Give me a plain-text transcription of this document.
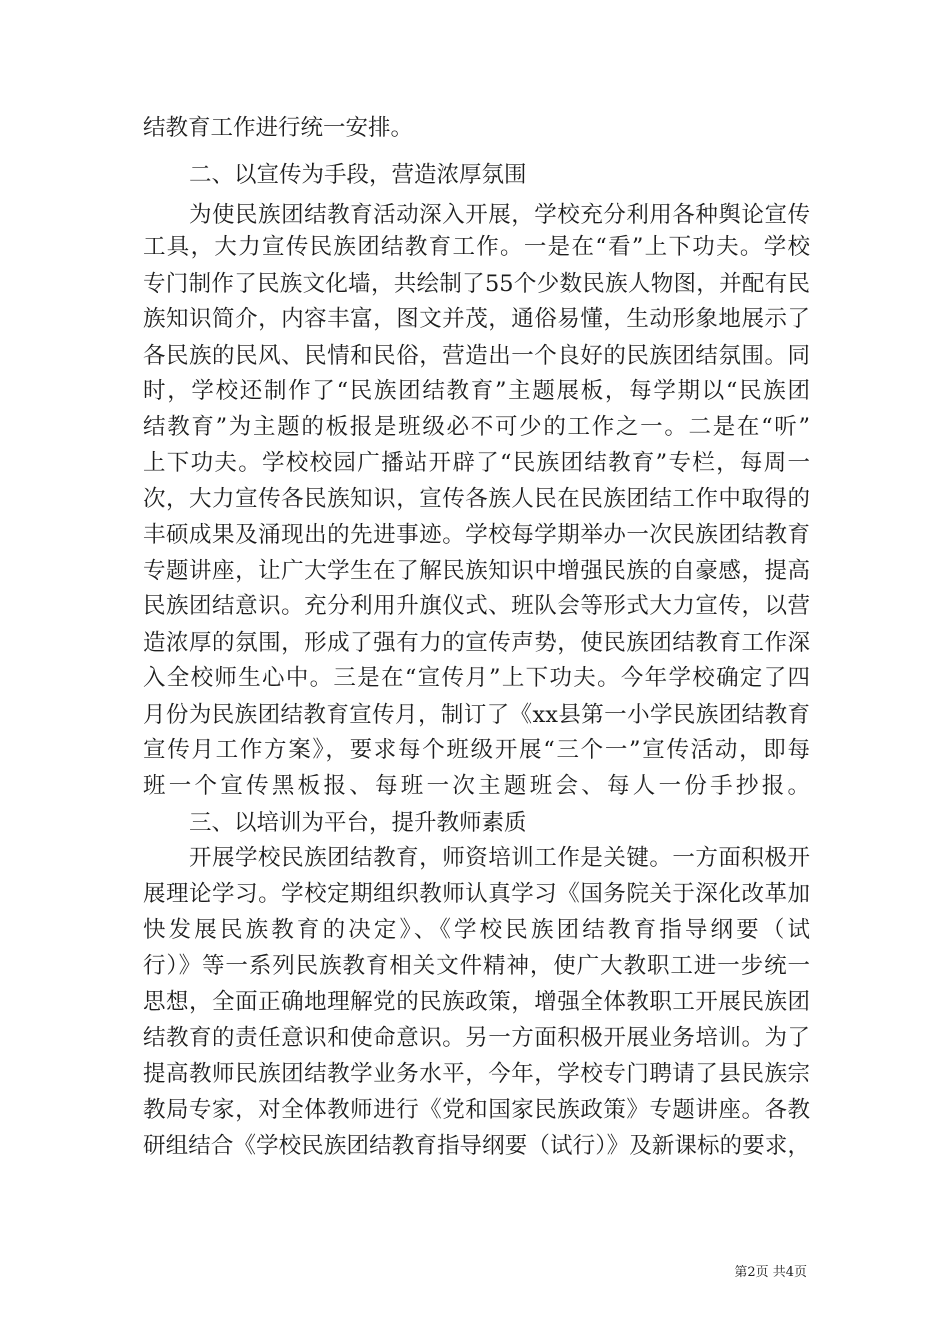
结教育工作进行统一安排。

二、以宣传为手段，营造浓厚氛围

为使民族团结教育活动深入开展，学校充分利用各种舆论宣传

工具，大力宣传民族团结教育工作。一是在“看”上下功夫。学校

专门制作了民族文化墙，共绘制了55个少数民族人物图，并配有民

族知识简介，内容丰富，图文并茂，通俗易懂，生动形象地展示了

各民族的民风、民情和民俗，营造出一个良好的民族团结氛围。同

时，学校还制作了“民族团结教育”主题展板，每学期以“民族团

结教育”为主题的板报是班级必不可少的工作之一。二是在“听”

上下功夫。学校校园广播站开辟了“民族团结教育”专栏，每周一

次，大力宣传各民族知识，宣传各族人民在民族团结工作中取得的

丰硕成果及涌现出的先进事迹。学校每学期举办一次民族团结教育

专题讲座，让广大学生在了解民族知识中增强民族的自豪感，提高

民族团结意识。充分利用升旗仪式、班队会等形式大力宣传，以营

造浓厚的氛围，形成了强有力的宣传声势，使民族团结教育工作深

入全校师生心中。三是在“宣传月”上下功夫。今年学校确定了四

月份为民族团结教育宣传月，制订了《xx县第一小学民族团结教育

宣传月工作方案》，要求每个班级开展“三个一”宣传活动，即每

班一个宣传黑板报、每班一次主题班会、每人一份手抄报。

三、以培训为平台，提升教师素质

开展学校民族团结教育，师资培训工作是关键。一方面积极开

展理论学习。学校定期组织教师认真学习《国务院关于深化改革加

快发展民族教育的决定》、《学校民族团结教育指导纲要（试

行）》等一系列民族教育相关文件精神，使广大教职工进一步统一

思想，全面正确地理解党的民族政策，增强全体教职工开展民族团

结教育的责任意识和使命意识。另一方面积极开展业务培训。为了

提高教师民族团结教学业务水平，今年，学校专门聘请了县民族宗

教局专家，对全体教师进行《党和国家民族政策》专题讲座。各教

研组结合《学校民族团结教育指导纲要（试行）》及新课标的要求，

第2页 共4页
